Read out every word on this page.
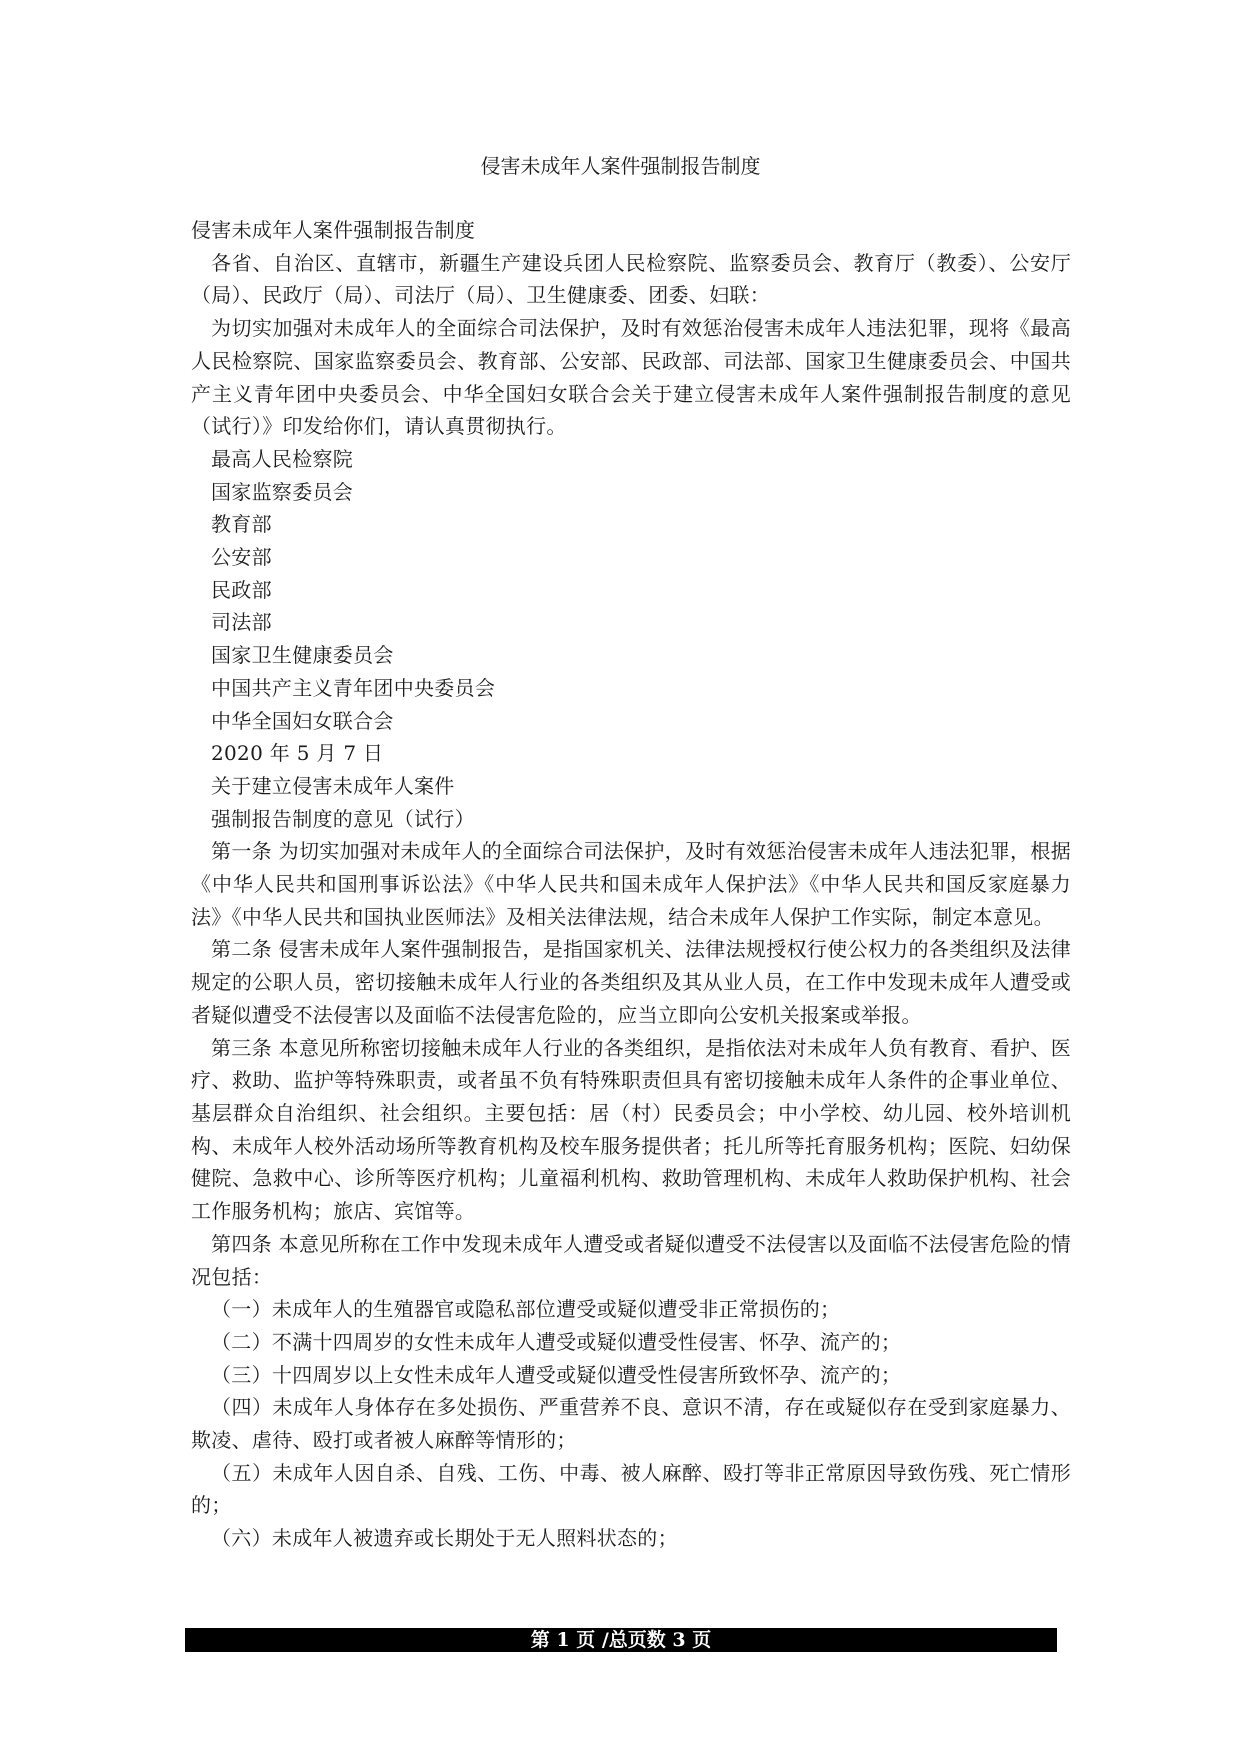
侵害未成年人案件强制报告制度

侵害未成年人案件强制报告制度

各省、自治区、直辖市，新疆生产建设兵团人民检察院、监察委员会、教育厅（教委）、公安厅（局）、民政厅（局）、司法厅（局）、卫生健康委、团委、妇联：

为切实加强对未成年人的全面综合司法保护，及时有效惩治侵害未成年人违法犯罪，现将《最高人民检察院、国家监察委员会、教育部、公安部、民政部、司法部、国家卫生健康委员会、中国共产主义青年团中央委员会、中华全国妇女联合会关于建立侵害未成年人案件强制报告制度的意见（试行）》印发给你们，请认真贯彻执行。

最高人民检察院

国家监察委员会

教育部

公安部

民政部

司法部

国家卫生健康委员会

中国共产主义青年团中央委员会

中华全国妇女联合会

2020 年 5 月 7 日

关于建立侵害未成年人案件

强制报告制度的意见（试行）

第一条 为切实加强对未成年人的全面综合司法保护，及时有效惩治侵害未成年人违法犯罪，根据《中华人民共和国刑事诉讼法》《中华人民共和国未成年人保护法》《中华人民共和国反家庭暴力法》《中华人民共和国执业医师法》及相关法律法规，结合未成年人保护工作实际，制定本意见。

第二条 侵害未成年人案件强制报告，是指国家机关、法律法规授权行使公权力的各类组织及法律规定的公职人员，密切接触未成年人行业的各类组织及其从业人员，在工作中发现未成年人遭受或者疑似遭受不法侵害以及面临不法侵害危险的，应当立即向公安机关报案或举报。

第三条 本意见所称密切接触未成年人行业的各类组织，是指依法对未成年人负有教育、看护、医疗、救助、监护等特殊职责，或者虽不负有特殊职责但具有密切接触未成年人条件的企事业单位、基层群众自治组织、社会组织。主要包括：居（村）民委员会；中小学校、幼儿园、校外培训机构、未成年人校外活动场所等教育机构及校车服务提供者；托儿所等托育服务机构；医院、妇幼保健院、急救中心、诊所等医疗机构；儿童福利机构、救助管理机构、未成年人救助保护机构、社会工作服务机构；旅店、宾馆等。

第四条 本意见所称在工作中发现未成年人遭受或者疑似遭受不法侵害以及面临不法侵害危险的情况包括：

（一）未成年人的生殖器官或隐私部位遭受或疑似遭受非正常损伤的；

（二）不满十四周岁的女性未成年人遭受或疑似遭受性侵害、怀孕、流产的；

（三）十四周岁以上女性未成年人遭受或疑似遭受性侵害所致怀孕、流产的；

（四）未成年人身体存在多处损伤、严重营养不良、意识不清，存在或疑似存在受到家庭暴力、欺凌、虐待、殴打或者被人麻醉等情形的；

（五）未成年人因自杀、自残、工伤、中毒、被人麻醉、殴打等非正常原因导致伤残、死亡情形的；

（六）未成年人被遗弃或长期处于无人照料状态的；

第 1 页 /总页数 3 页
